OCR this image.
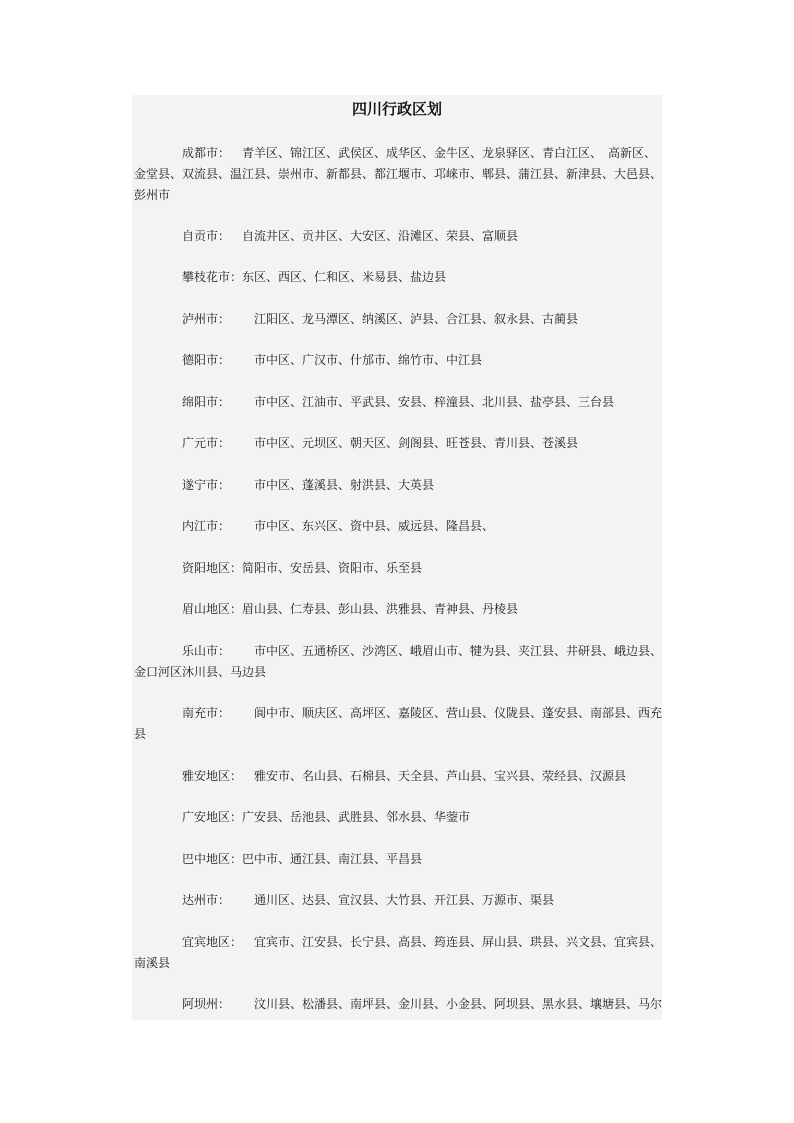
四川行政区划
成都市： 青羊区、锦江区、武侯区、成华区、金牛区、龙泉驿区、青白江区、　高新区、
金堂县、双流县、温江县、崇州市、新都县、都江堰市、邛崃市、郫县、蒲江县、新津县、大邑县、
彭州市
自贡市： 自流井区、贡井区、大安区、沿滩区、荣县、富顺县
攀枝花市： 东区、西区、仁和区、米易县、盐边县
泸州市： 江阳区、龙马潭区、纳溪区、泸县、合江县、叙永县、古蔺县
德阳市： 市中区、广汉市、什邡市、绵竹市、中江县
绵阳市： 市中区、江油市、平武县、安县、梓潼县、北川县、盐亭县、三台县
广元市： 市中区、元坝区、朝天区、剑阁县、旺苍县、青川县、苍溪县
遂宁市： 市中区、蓬溪县、射洪县、大英县
内江市： 市中区、东兴区、资中县、威远县、隆昌县、
资阳地区： 简阳市、安岳县、资阳市、乐至县
眉山地区： 眉山县、仁寿县、彭山县、洪雅县、青神县、丹棱县
乐山市： 市中区、五通桥区、沙湾区、峨眉山市、犍为县、夹江县、井研县、峨边县、
金口河区沐川县、马边县
南充市： 阆中市、顺庆区、高坪区、嘉陵区、营山县、仪陇县、蓬安县、南部县、西充
县
雅安地区： 雅安市、名山县、石棉县、天全县、芦山县、宝兴县、荥经县、汉源县
广安地区： 广安县、岳池县、武胜县、邻水县、华蓥市
巴中地区： 巴中市、通江县、南江县、平昌县
达州市： 通川区、达县、宣汉县、大竹县、开江县、万源市、渠县
宜宾地区： 宜宾市、江安县、长宁县、高县、筠连县、屏山县、珙县、兴文县、宜宾县、
南溪县
阿坝州： 汶川县、松潘县、南坪县、金川县、小金县、阿坝县、黑水县、壤塘县、马尔
